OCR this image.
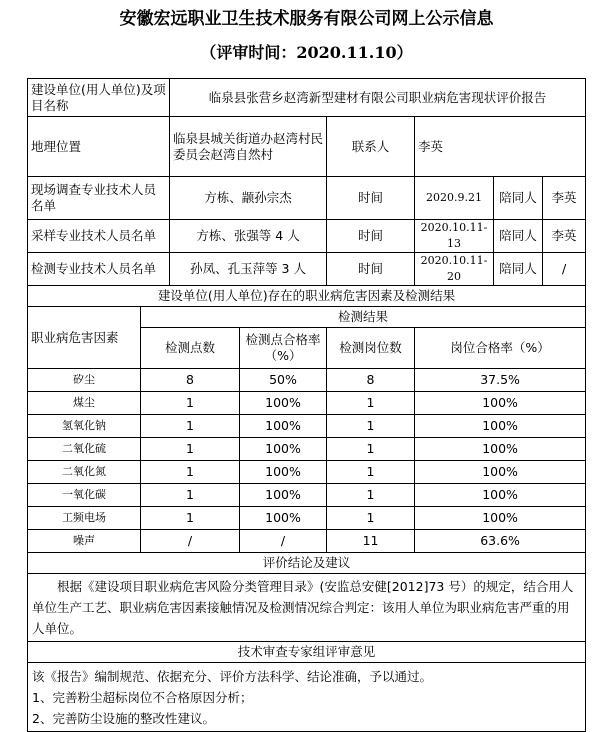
安徽宏远职业卫生技术服务有限公司网上公示信息
（评审时间：2020.11.10）
建设单位(用人单位)及项目名称		临泉县张营乡赵湾新型建材有限公司职业病危害现状评价报告					
地理位置		临泉县城关街道办赵湾村民委员会赵湾自然村		联系人	李英		
现场调查专业技术人员名单		方栋、颛孙宗杰		时间	2020.9.21	陪同人	李英
采样专业技术人员名单		方栋、张强等 4 人		时间	2020.10.11-13	陪同人	李英
检测专业技术人员名单		孙凤、孔玉萍等 3 人		时间	2020.10.11-20	陪同人	/
建设单位(用人单位)存在的职业病危害因素及检测结果							
职业病危害因素	检测结果						
	检测点数		检测点合格率（%）	检测岗位数	岗位合格率（%）		
矽尘	8		50%	8	37.5%		
煤尘	1		100%	1	100%		
氢氧化钠	1		100%	1	100%		
二氧化硫	1		100%	1	100%		
二氧化氮	1		100%	1	100%		
一氧化碳	1		100%	1	100%		
工频电场	1		100%	1	100%		
噪声	/		/	11	63.6%		
评价结论及建议							
根据《建设项目职业病危害风险分类管理目录》(安监总安健[2012]73 号）的规定，结合用人单位生产工艺、职业病危害因素接触情况及检测情况综合判定：该用人单位为职业病危害严重的用人单位。							
技术审查专家组评审意见							

该《报告》编制规范、依据充分、评价方法科学、结论准确，予以通过。
1、完善粉尘超标岗位不合格原因分析；
2、完善防尘设施的整改性建议。							
